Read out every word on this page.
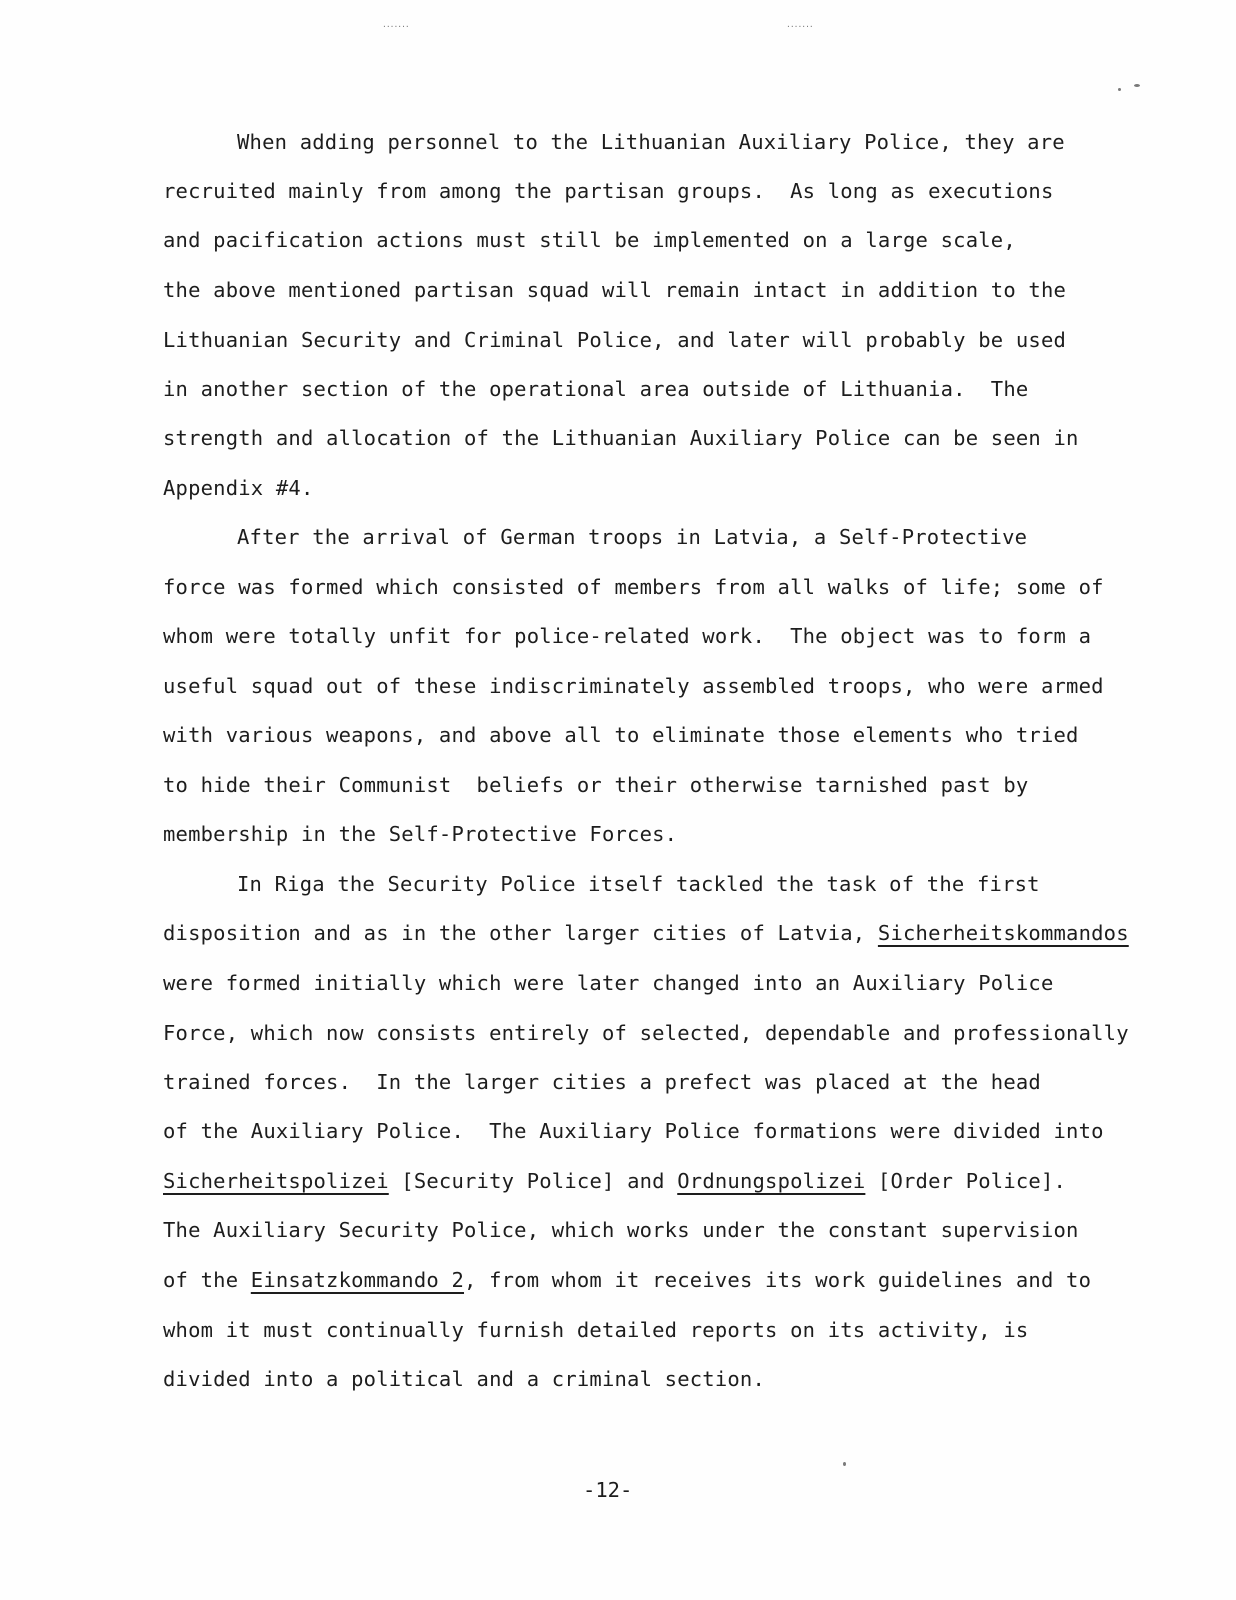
.......	.......
When adding personnel to the Lithuanian Auxiliary Police, they are
recruited mainly from among the partisan groups.  As long as executions
and pacification actions must still be implemented on a large scale,
the above mentioned partisan squad will remain intact in addition to the
Lithuanian Security and Criminal Police, and later will probably be used
in another section of the operational area outside of Lithuania.  The
strength and allocation of the Lithuanian Auxiliary Police can be seen in
Appendix #4.
After the arrival of German troops in Latvia, a Self-Protective
force was formed which consisted of members from all walks of life; some of
whom were totally unfit for police-related work.  The object was to form a
useful squad out of these indiscriminately assembled troops, who were armed
with various weapons, and above all to eliminate those elements who tried
to hide their Communist  beliefs or their otherwise tarnished past by
membership in the Self-Protective Forces.
In Riga the Security Police itself tackled the task of the first
disposition and as in the other larger cities of Latvia, Sicherheitskommandos
were formed initially which were later changed into an Auxiliary Police
Force, which now consists entirely of selected, dependable and professionally
trained forces.  In the larger cities a prefect was placed at the head
of the Auxiliary Police.  The Auxiliary Police formations were divided into
Sicherheitspolizei [Security Police] and Ordnungspolizei [Order Police].
The Auxiliary Security Police, which works under the constant supervision
of the Einsatzkommando 2, from whom it receives its work guidelines and to
whom it must continually furnish detailed reports on its activity, is
divided into a political and a criminal section.
-12-
